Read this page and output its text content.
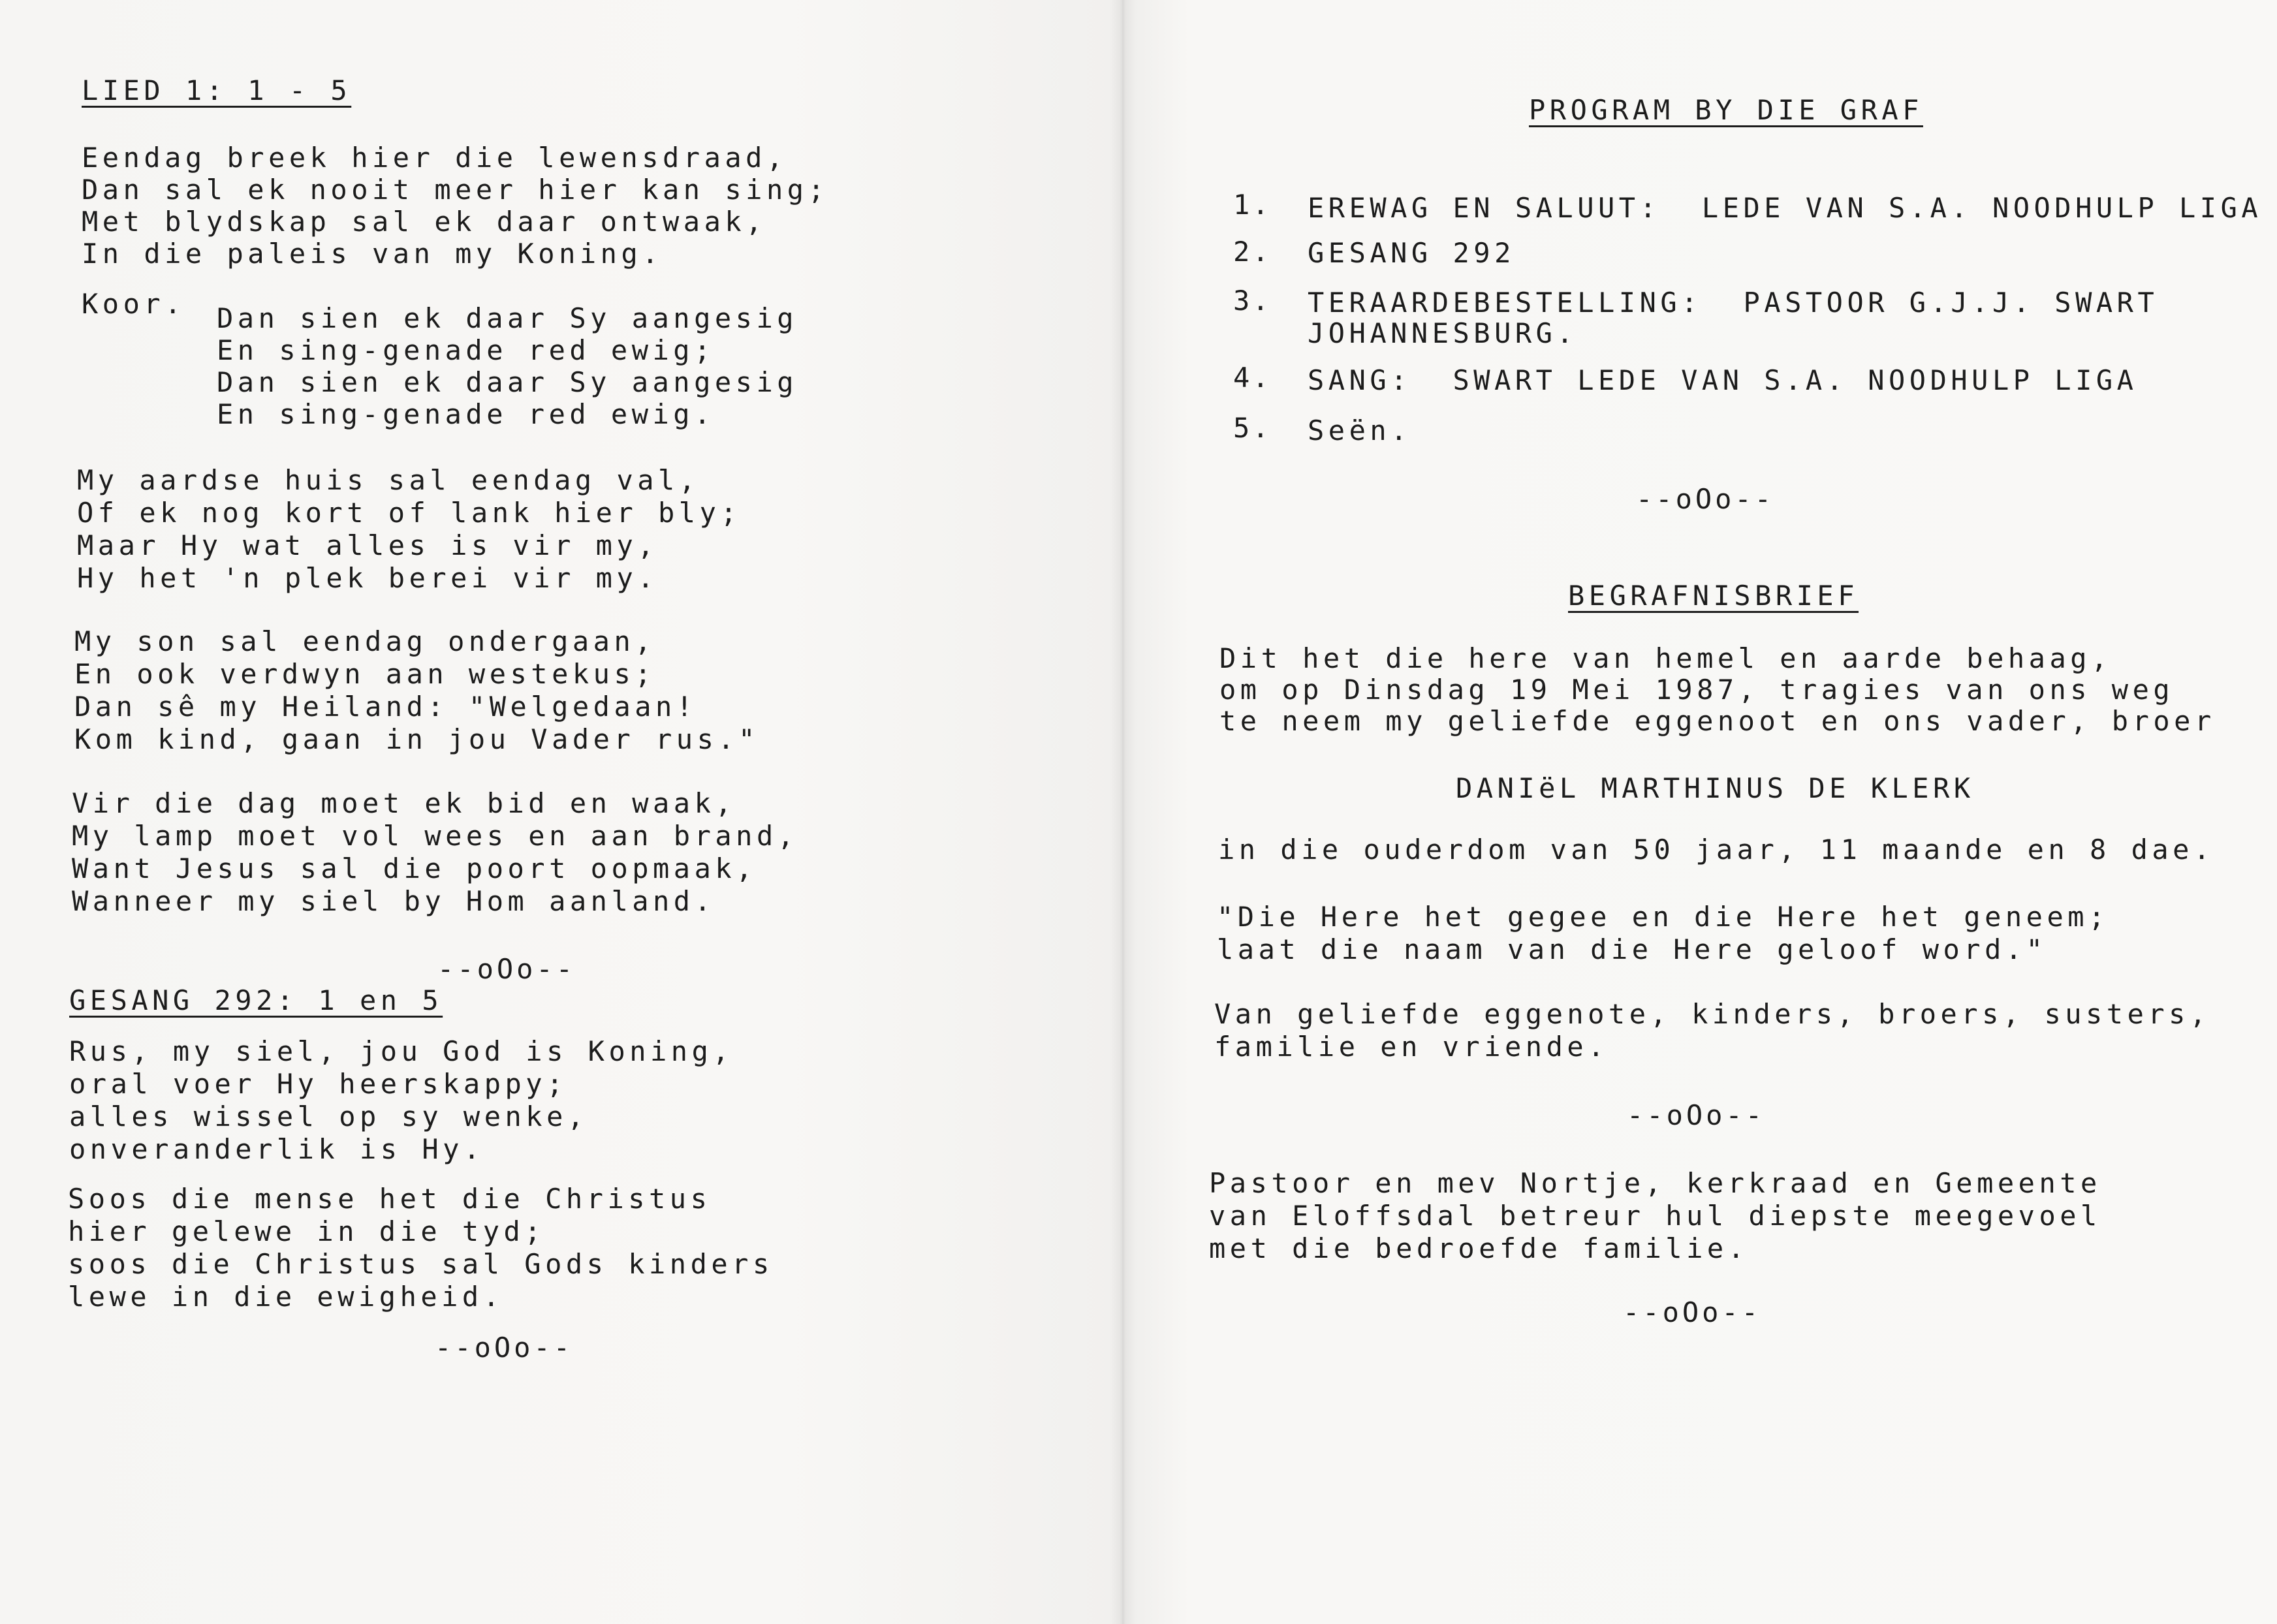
LIED 1: 1 - 5
Eendag breek hier die lewensdraad,
Dan sal ek nooit meer hier kan sing;
Met blydskap sal ek daar ontwaak,
In die paleis van my Koning.
Koor. Dan sien ek daar Sy aangesig
En sing-genade red ewig;
Dan sien ek daar Sy aangesig
En sing-genade red ewig.
My aardse huis sal eendag val,
Of ek nog kort of lank hier bly;
Maar Hy wat alles is vir my,
Hy het 'n plek berei vir my.
My son sal eendag ondergaan,
En ook verdwyn aan westekus;
Dan sê my Heiland: "Welgedaan!
Kom kind, gaan in jou Vader rus."
Vir die dag moet ek bid en waak,
My lamp moet vol wees en aan brand,
Want Jesus sal die poort oopmaak,
Wanneer my siel by Hom aanland.
--oOo--
GESANG 292: 1 en 5
Rus, my siel, jou God is Koning,
oral voer Hy heerskappy;
alles wissel op sy wenke,
onveranderlik is Hy.
Soos die mense het die Christus
hier gelewe in die tyd;
soos die Christus sal Gods kinders
lewe in die ewigheid.
--oOo--
PROGRAM BY DIE GRAF
1. EREWAG EN SALUUT:  LEDE VAN S.A. NOODHULP LIGA
2. GESANG 292
3. TERAARDEBESTELLING:  PASTOOR G.J.J. SWART
JOHANNESBURG.
4. SANG:  SWART LEDE VAN S.A. NOODHULP LIGA
5. Seën.
--oOo--
BEGRAFNISBRIEF
Dit het die here van hemel en aarde behaag,
om op Dinsdag 19 Mei 1987, tragies van ons weg
te neem my geliefde eggenoot en ons vader, broer
DANIëL MARTHINUS DE KLERK
in die ouderdom van 50 jaar, 11 maande en 8 dae.
"Die Here het gegee en die Here het geneem;
laat die naam van die Here geloof word."
Van geliefde eggenote, kinders, broers, susters,
familie en vriende.
--oOo--
Pastoor en mev Nortje, kerkraad en Gemeente
van Eloffsdal betreur hul diepste meegevoel
met die bedroefde familie.
--oOo--
